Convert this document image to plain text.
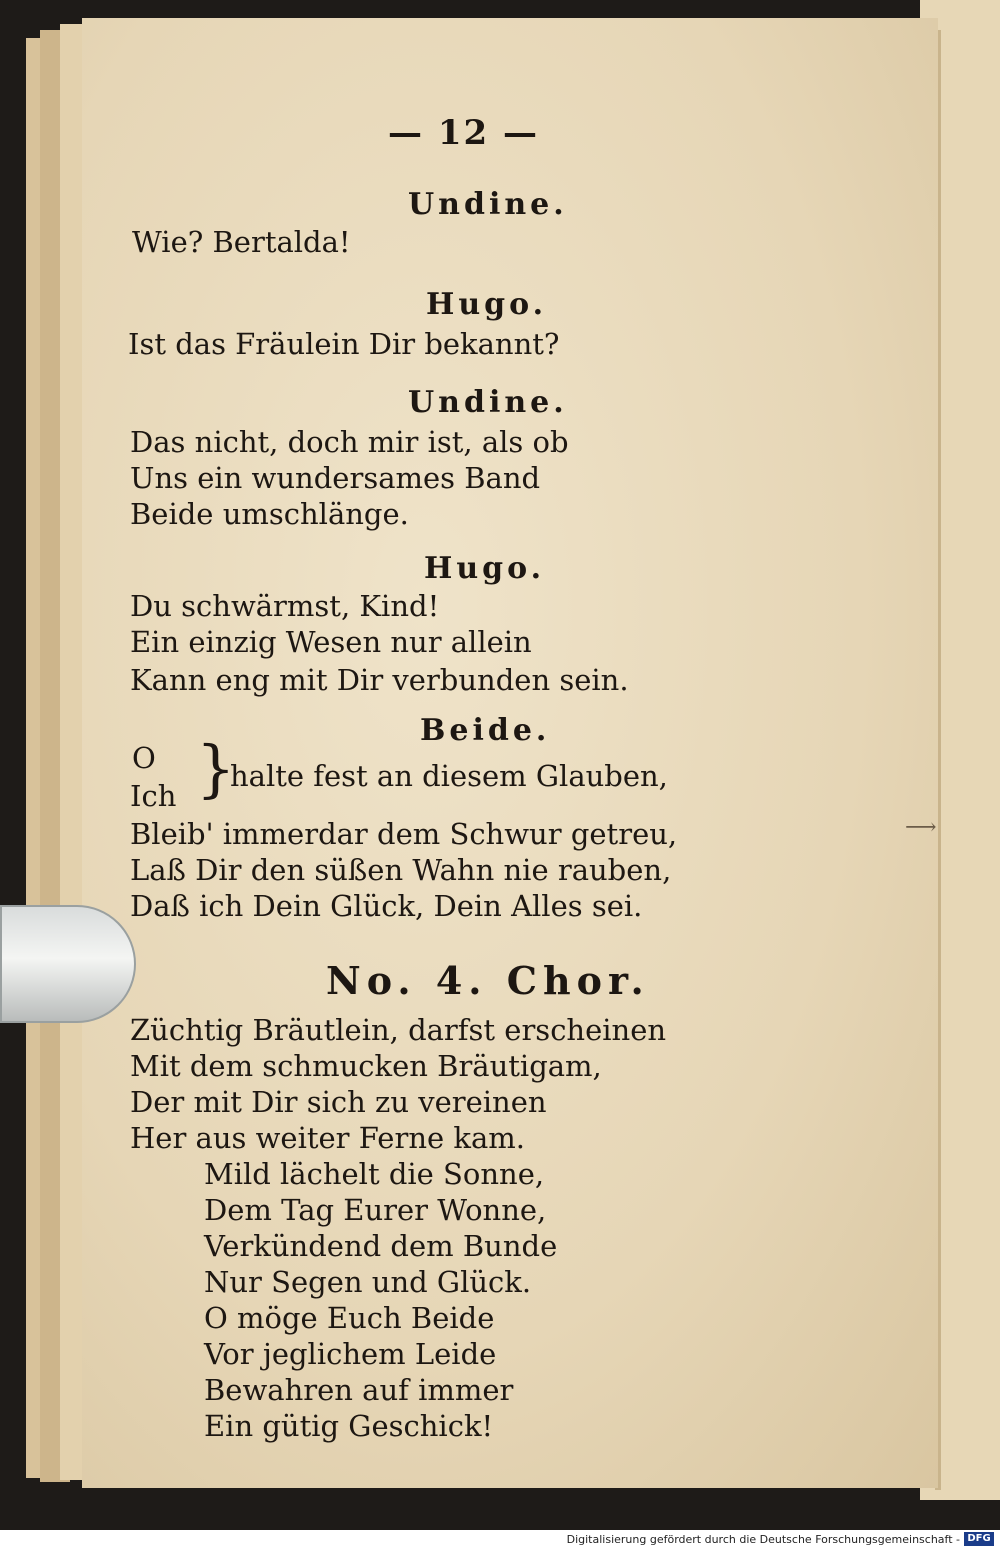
— 12 —
Undine.
Wie? Bertalda!
Hugo.
Ist das Fräulein Dir bekannt?
Undine.
Das nicht, doch mir ist, als ob
Uns ein wundersames Band
Beide umschlänge.
Hugo.
Du schwärmst, Kind!
Ein einzig Wesen nur allein
Kann eng mit Dir verbunden sein.
Beide.
O
Ich }
halte fest an diesem Glauben,
Bleib' immerdar dem Schwur getreu,
Laß Dir den süßen Wahn nie rauben,
Daß ich Dein Glück, Dein Alles sei.
No. 4. Chor.
Züchtig Bräutlein, darfst erscheinen
Mit dem schmucken Bräutigam,
Der mit Dir sich zu vereinen
Her aus weiter Ferne kam.
Mild lächelt die Sonne,
Dem Tag Eurer Wonne,
Verkündend dem Bunde
Nur Segen und Glück.
O möge Euch Beide
Vor jeglichem Leide
Bewahren auf immer
Ein gütig Geschick!
⟶
Digitalisierung gefördert durch die Deutsche Forschungsgemeinschaft - DFG
